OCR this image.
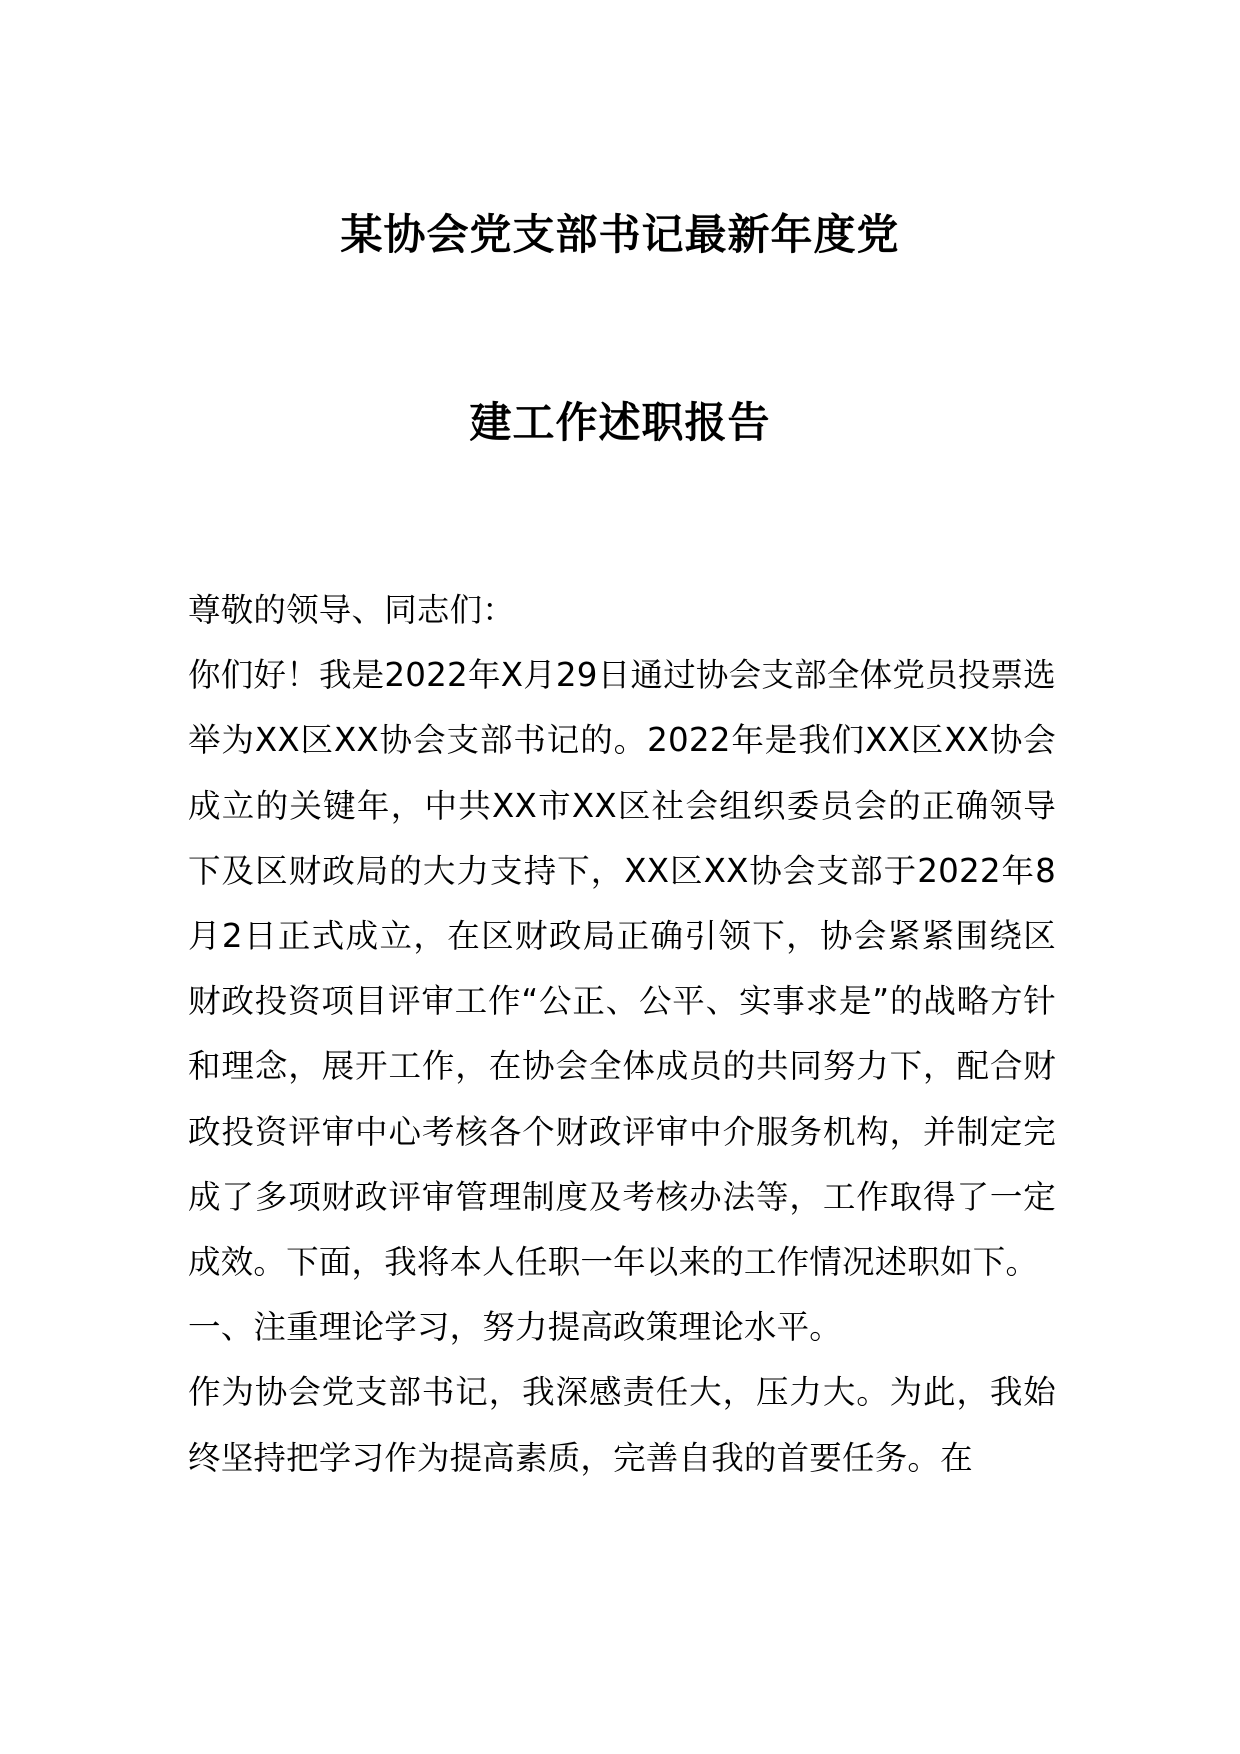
某协会党支部书记最新年度党
建工作述职报告

尊敬的领导、同志们：

你们好！我是2022年X月29日通过协会支部全体党员投票选举为XX区XX协会支部书记的。2022年是我们XX区XX协会成立的关键年，中共XX市XX区社会组织委员会的正确领导下及区财政局的大力支持下，XX区XX协会支部于2022年8月2日正式成立，在区财政局正确引领下，协会紧紧围绕区财政投资项目评审工作“公正、公平、实事求是”的战略方针和理念，展开工作，在协会全体成员的共同努力下，配合财政投资评审中心考核各个财政评审中介服务机构，并制定完成了多项财政评审管理制度及考核办法等，工作取得了一定成效。下面，我将本人任职一年以来的工作情况述职如下。

一、注重理论学习，努力提高政策理论水平。

作为协会党支部书记，我深感责任大，压力大。为此，我始终坚持把学习作为提高素质，完善自我的首要任务。在
